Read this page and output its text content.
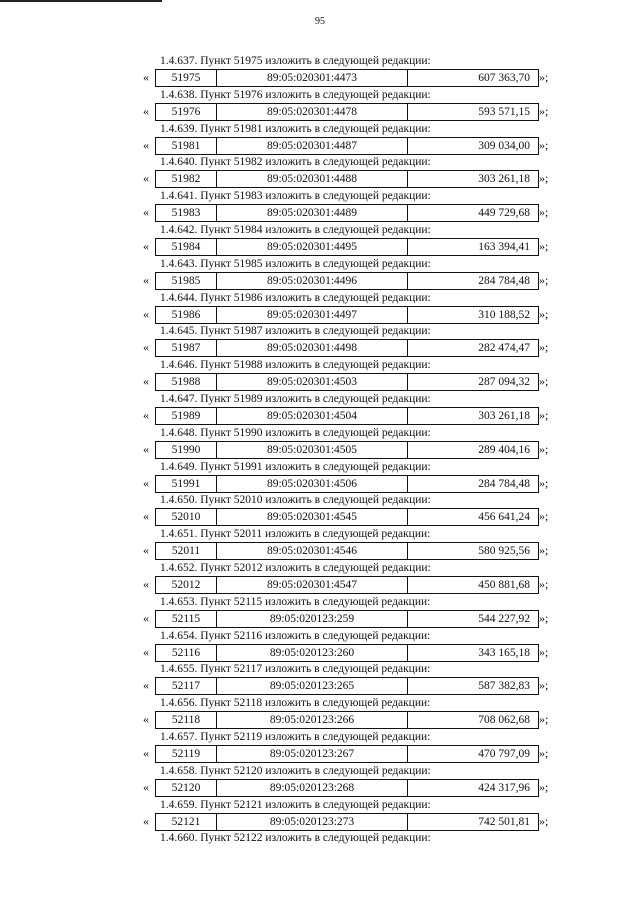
95
1.4.637. Пункт 51975 изложить в следующей редакции:
«	51975	89:05:020301:4473	607 363,70 »;
1.4.638. Пункт 51976 изложить в следующей редакции:
«	51976	89:05:020301:4478	593 571,15 »;
1.4.639. Пункт 51981 изложить в следующей редакции:
«	51981	89:05:020301:4487	309 034,00 »;
1.4.640. Пункт 51982 изложить в следующей редакции:
«	51982	89:05:020301:4488	303 261,18 »;
1.4.641. Пункт 51983 изложить в следующей редакции:
«	51983	89:05:020301:4489	449 729,68 »;
1.4.642. Пункт 51984 изложить в следующей редакции:
«	51984	89:05:020301:4495	163 394,41 »;
1.4.643. Пункт 51985 изложить в следующей редакции:
«	51985	89:05:020301:4496	284 784,48 »;
1.4.644. Пункт 51986 изложить в следующей редакции:
«	51986	89:05:020301:4497	310 188,52 »;
1.4.645. Пункт 51987 изложить в следующей редакции:
«	51987	89:05:020301:4498	282 474,47 »;
1.4.646. Пункт 51988 изложить в следующей редакции:
«	51988	89:05:020301:4503	287 094,32 »;
1.4.647. Пункт 51989 изложить в следующей редакции:
«	51989	89:05:020301:4504	303 261,18 »;
1.4.648. Пункт 51990 изложить в следующей редакции:
«	51990	89:05:020301:4505	289 404,16 »;
1.4.649. Пункт 51991 изложить в следующей редакции:
«	51991	89:05:020301:4506	284 784,48 »;
1.4.650. Пункт 52010 изложить в следующей редакции:
«	52010	89:05:020301:4545	456 641,24 »;
1.4.651. Пункт 52011 изложить в следующей редакции:
«	52011	89:05:020301:4546	580 925,56 »;
1.4.652. Пункт 52012 изложить в следующей редакции:
«	52012	89:05:020301:4547	450 881,68 »;
1.4.653. Пункт 52115 изложить в следующей редакции:
«	52115	89:05:020123:259	544 227,92 »;
1.4.654. Пункт 52116 изложить в следующей редакции:
«	52116	89:05:020123:260	343 165,18 »;
1.4.655. Пункт 52117 изложить в следующей редакции:
«	52117	89:05:020123:265	587 382,83 »;
1.4.656. Пункт 52118 изложить в следующей редакции:
«	52118	89:05:020123:266	708 062,68 »;
1.4.657. Пункт 52119 изложить в следующей редакции:
«	52119	89:05:020123:267	470 797,09 »;
1.4.658. Пункт 52120 изложить в следующей редакции:
«	52120	89:05:020123:268	424 317,96 »;
1.4.659. Пункт 52121 изложить в следующей редакции:
«	52121	89:05:020123:273	742 501,81 »;
1.4.660. Пункт 52122 изложить в следующей редакции:
